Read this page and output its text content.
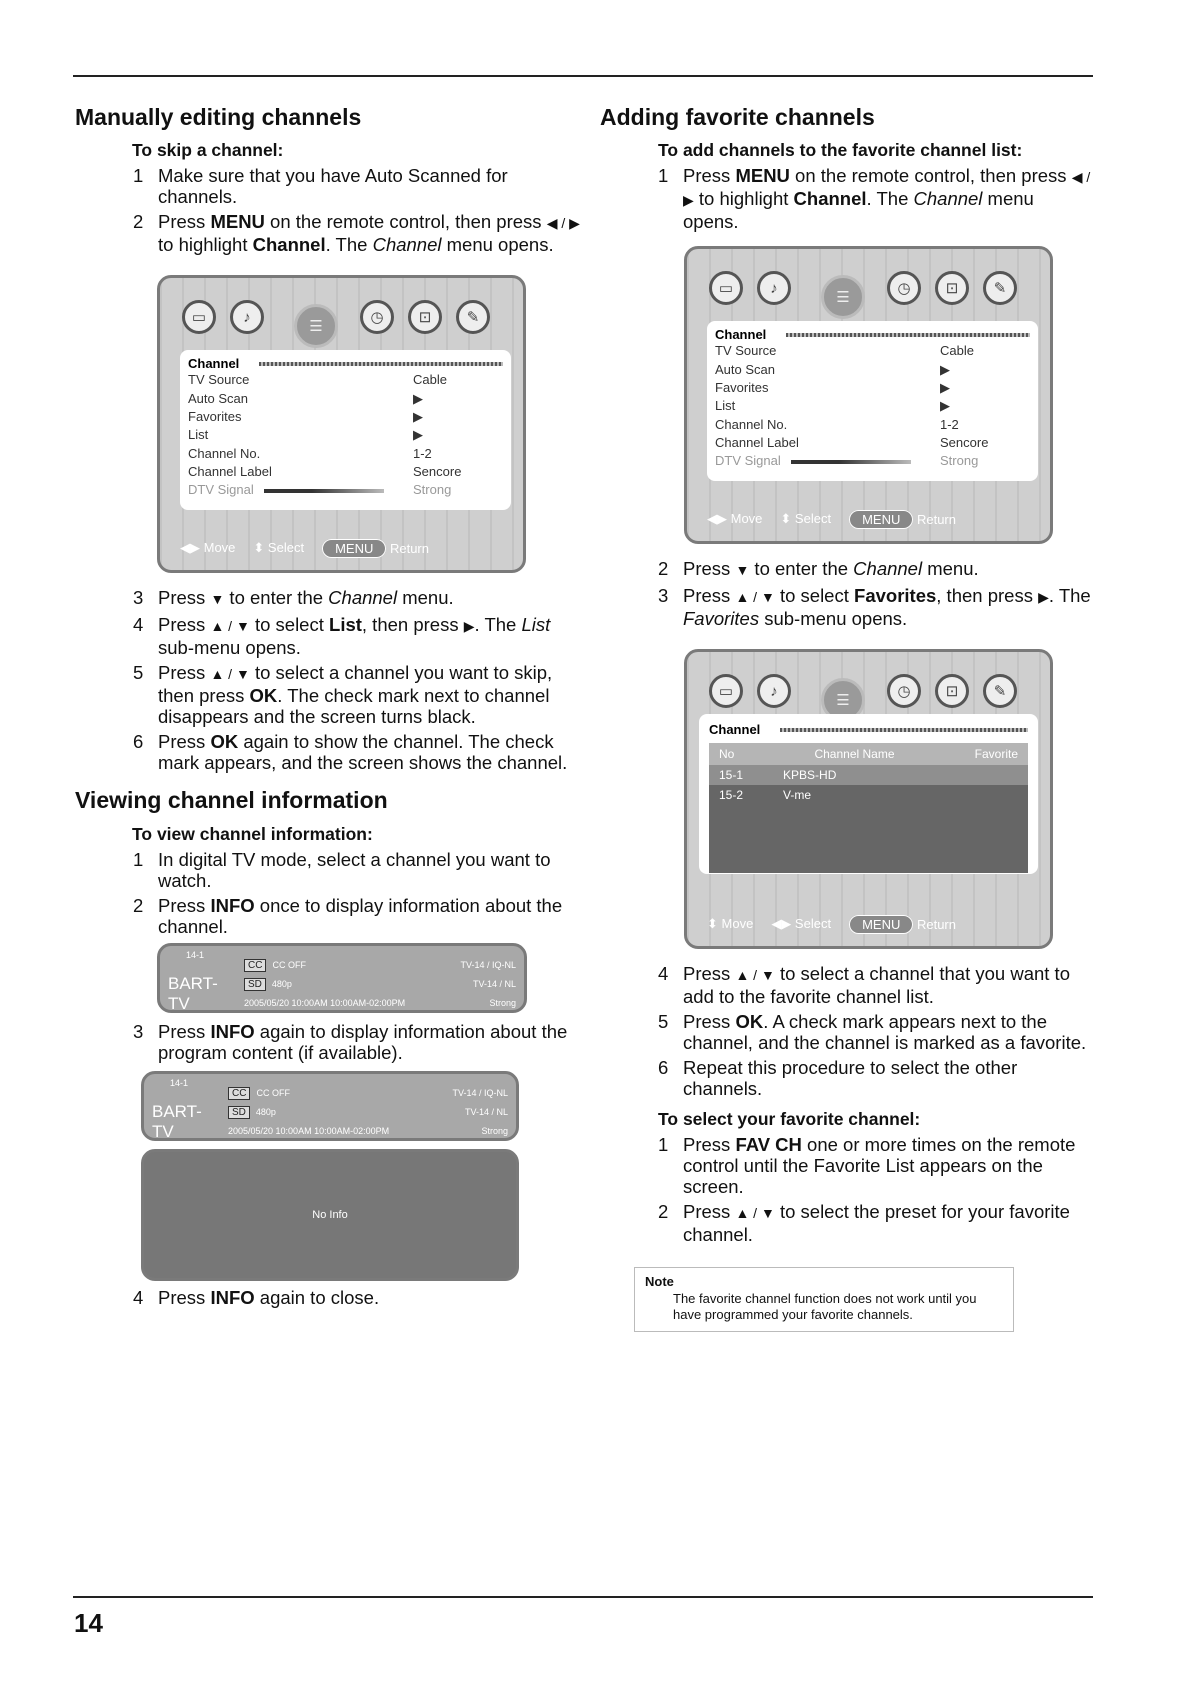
Manually editing channels
To skip a channel:
1 Make sure that you have Auto Scanned for channels.
2 Press MENU on the remote control, then press ◀ / ▶ to highlight Channel. The Channel menu opens.
▭	♪
☰
◷	⊡	✎
Channel
TV Source	Cable
Auto Scan	▶
Favorites	▶
List	▶
Channel No.	1-2
Channel Label	Sencore
DTV Signal	Strong
◀▶ Move ⬍ Select	MENU Return
3 Press ▼ to enter the Channel menu.
4 Press ▲ / ▼ to select List, then press ▶. The List sub-menu opens.
5 Press ▲ / ▼ to select a channel you want to skip, then press OK. The check mark next to channel disappears and the screen turns black.
6 Press OK again to show the channel. The check mark appears, and the screen shows the channel.
Viewing channel information
To view channel information:
1 In digital TV mode, select a channel you want to watch.
2 Press INFO once to display information about the channel.
14-1
BART-TV
CC CC OFF	TV-14 / IQ-NL
SD 480p	TV-14 / NL
2005/05/20 10:00AM 10:00AM-02:00PM	Strong
3 Press INFO again to display information about the program content (if available).
14-1
BART-TV
CC CC OFF	TV-14 / IQ-NL
SD 480p	TV-14 / NL
2005/05/20 10:00AM 10:00AM-02:00PM	Strong
No Info
4 Press INFO again to close.
Adding favorite channels
To add channels to the favorite channel list:
1 Press MENU on the remote control, then press ◀ / ▶ to highlight Channel. The Channel menu opens.
▭	♪
☰
◷	⊡	✎
Channel
TV Source	Cable
Auto Scan	▶
Favorites	▶
List	▶
Channel No.	1-2
Channel Label	Sencore
DTV Signal	Strong
◀▶ Move ⬍ Select	MENU Return
2 Press ▼ to enter the Channel menu.
3 Press ▲ / ▼ to select Favorites, then press ▶. The Favorites sub-menu opens.
▭	♪
☰
◷	⊡	✎
Channel
No	Channel Name	Favorite
15-1	KPBS-HD
15-2	V-me
⬍ Move ◀▶ Select	MENU Return
4 Press ▲ / ▼ to select a channel that you want to add to the favorite channel list.
5 Press OK. A check mark appears next to the channel, and the channel is marked as a favorite.
6 Repeat this procedure to select the other channels.
To select your favorite channel:
1 Press FAV CH one or more times on the remote control until the Favorite List appears on the screen.
2 Press ▲ / ▼ to select the preset for your favorite channel.
Note
The favorite channel function does not work until you have programmed your favorite channels.
14
